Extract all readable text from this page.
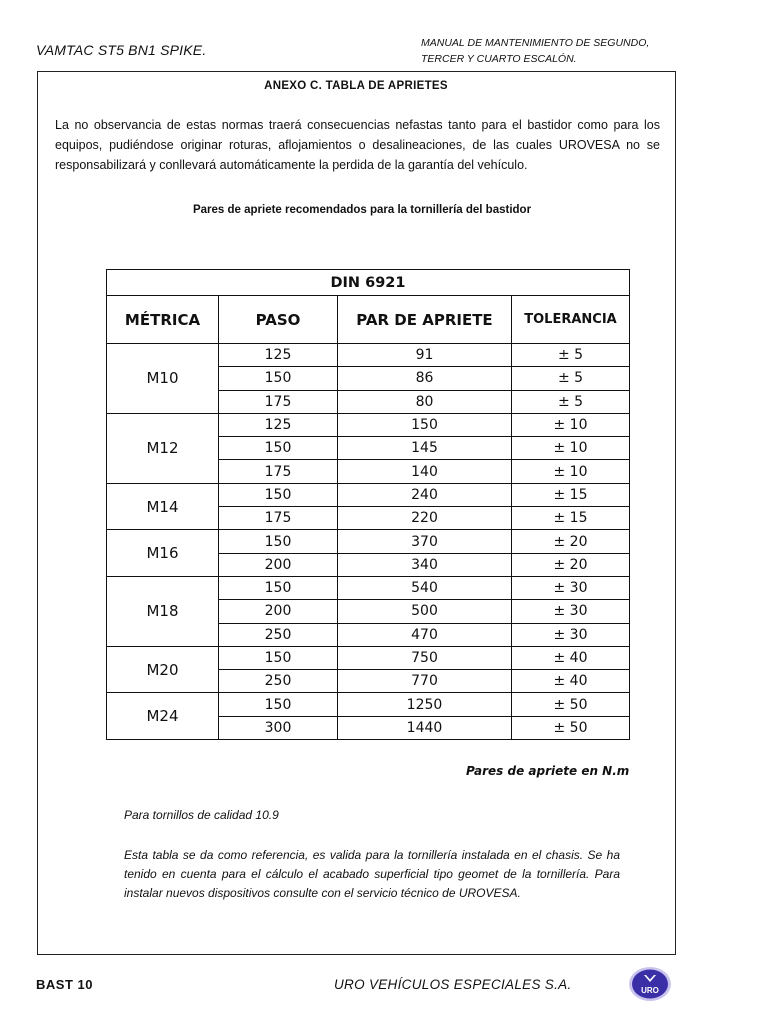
VAMTAC ST5 BN1 SPIKE.	MANUAL DE MANTENIMIENTO DE SEGUNDO,
TERCER Y CUARTO ESCALÓN.
ANEXO C. TABLA DE APRIETES
La no observancia de estas normas traerá consecuencias nefastas tanto para el bastidor como para los equipos, pudiéndose originar roturas, aflojamientos o desalineaciones, de las cuales UROVESA no se responsabilizará y conllevará automáticamente la perdida de la garantía del vehículo.
Pares de apriete recomendados para la tornillería del bastidor
DIN 6921			
MÉTRICA	PASO	PAR DE APRIETE	TOLERANCIA
M10	125	91	± 5
	150	86	± 5
	175	80	± 5
M12	125	150	± 10
	150	145	± 10
	175	140	± 10
M14	150	240	± 15
	175	220	± 15
M16	150	370	± 20
	200	340	± 20
M18	150	540	± 30
	200	500	± 30
	250	470	± 30
M20	150	750	± 40
	250	770	± 40
M24	150	1250	± 50
	300	1440	± 50
Pares de apriete en N.m
Para tornillos de calidad 10.9
Esta tabla se da como referencia, es valida para la tornillería instalada en el chasis. Se ha tenido en cuenta para el cálculo el acabado superficial tipo geomet de la tornillería. Para instalar nuevos dispositivos consulte con el servicio técnico de UROVESA.
BAST 10	URO VEHÍCULOS ESPECIALES S.A.	URO
